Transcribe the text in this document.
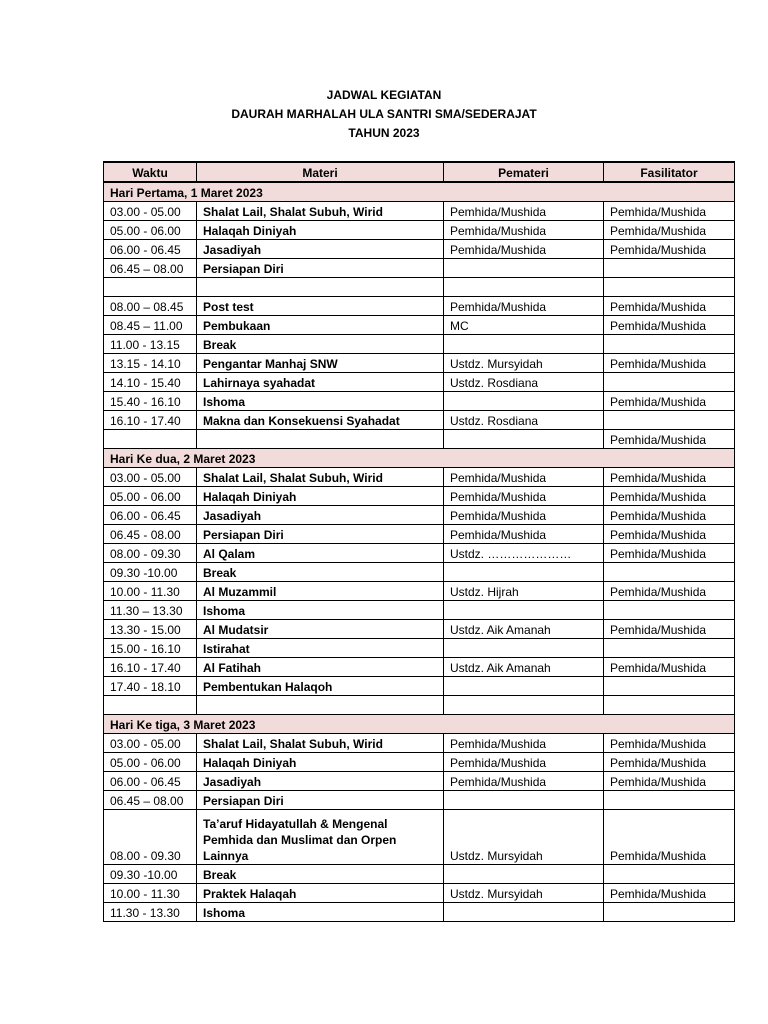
JADWAL KEGIATAN
DAURAH MARHALAH ULA SANTRI SMA/SEDERAJAT
TAHUN 2023
Waktu	Materi	Pemateri	Fasilitator
Hari Pertama, 1 Maret 2023			
03.00 - 05.00	Shalat Lail, Shalat Subuh, Wirid	Pemhida/Mushida	Pemhida/Mushida
05.00 - 06.00	Halaqah Diniyah	Pemhida/Mushida	Pemhida/Mushida
06.00 - 06.45	Jasadiyah	Pemhida/Mushida	Pemhida/Mushida
06.45 – 08.00	Persiapan Diri		

08.00 – 08.45	Post test	Pemhida/Mushida	Pemhida/Mushida
08.45 – 11.00	Pembukaan	MC	Pemhida/Mushida
11.00 - 13.15	Break		
13.15 - 14.10	Pengantar Manhaj SNW	Ustdz. Mursyidah	Pemhida/Mushida
14.10 - 15.40	Lahirnaya syahadat	Ustdz. Rosdiana	
15.40 - 16.10	Ishoma		Pemhida/Mushida
16.10 - 17.40	Makna dan Konsekuensi Syahadat	Ustdz. Rosdiana	
			Pemhida/Mushida
Hari Ke dua, 2 Maret 2023			
03.00 - 05.00	Shalat Lail, Shalat Subuh, Wirid	Pemhida/Mushida	Pemhida/Mushida
05.00 - 06.00	Halaqah Diniyah	Pemhida/Mushida	Pemhida/Mushida
06.00 - 06.45	Jasadiyah	Pemhida/Mushida	Pemhida/Mushida
06.45 - 08.00	Persiapan Diri	Pemhida/Mushida	Pemhida/Mushida
08.00 - 09.30	Al Qalam	Ustdz. …………………	Pemhida/Mushida
09.30 -10.00	Break		
10.00 - 11.30	Al Muzammil	Ustdz. Hijrah	Pemhida/Mushida
11.30 – 13.30	Ishoma		
13.30 - 15.00	Al Mudatsir	Ustdz. Aik Amanah	Pemhida/Mushida
15.00 - 16.10	Istirahat		
16.10 - 17.40	Al Fatihah	Ustdz. Aik Amanah	Pemhida/Mushida
17.40 - 18.10	Pembentukan Halaqoh		

Hari Ke tiga, 3 Maret 2023			
03.00 - 05.00	Shalat Lail, Shalat Subuh, Wirid	Pemhida/Mushida	Pemhida/Mushida
05.00 - 06.00	Halaqah Diniyah	Pemhida/Mushida	Pemhida/Mushida
06.00 - 06.45	Jasadiyah	Pemhida/Mushida	Pemhida/Mushida
06.45 – 08.00	Persiapan Diri		
08.00 - 09.30	Ta’aruf Hidayatullah & Mengenal Pemhida dan Muslimat dan Orpen Lainnya	Ustdz. Mursyidah	Pemhida/Mushida
09.30 -10.00	Break		
10.00 - 11.30	Praktek Halaqah	Ustdz. Mursyidah	Pemhida/Mushida
11.30 - 13.30	Ishoma		
